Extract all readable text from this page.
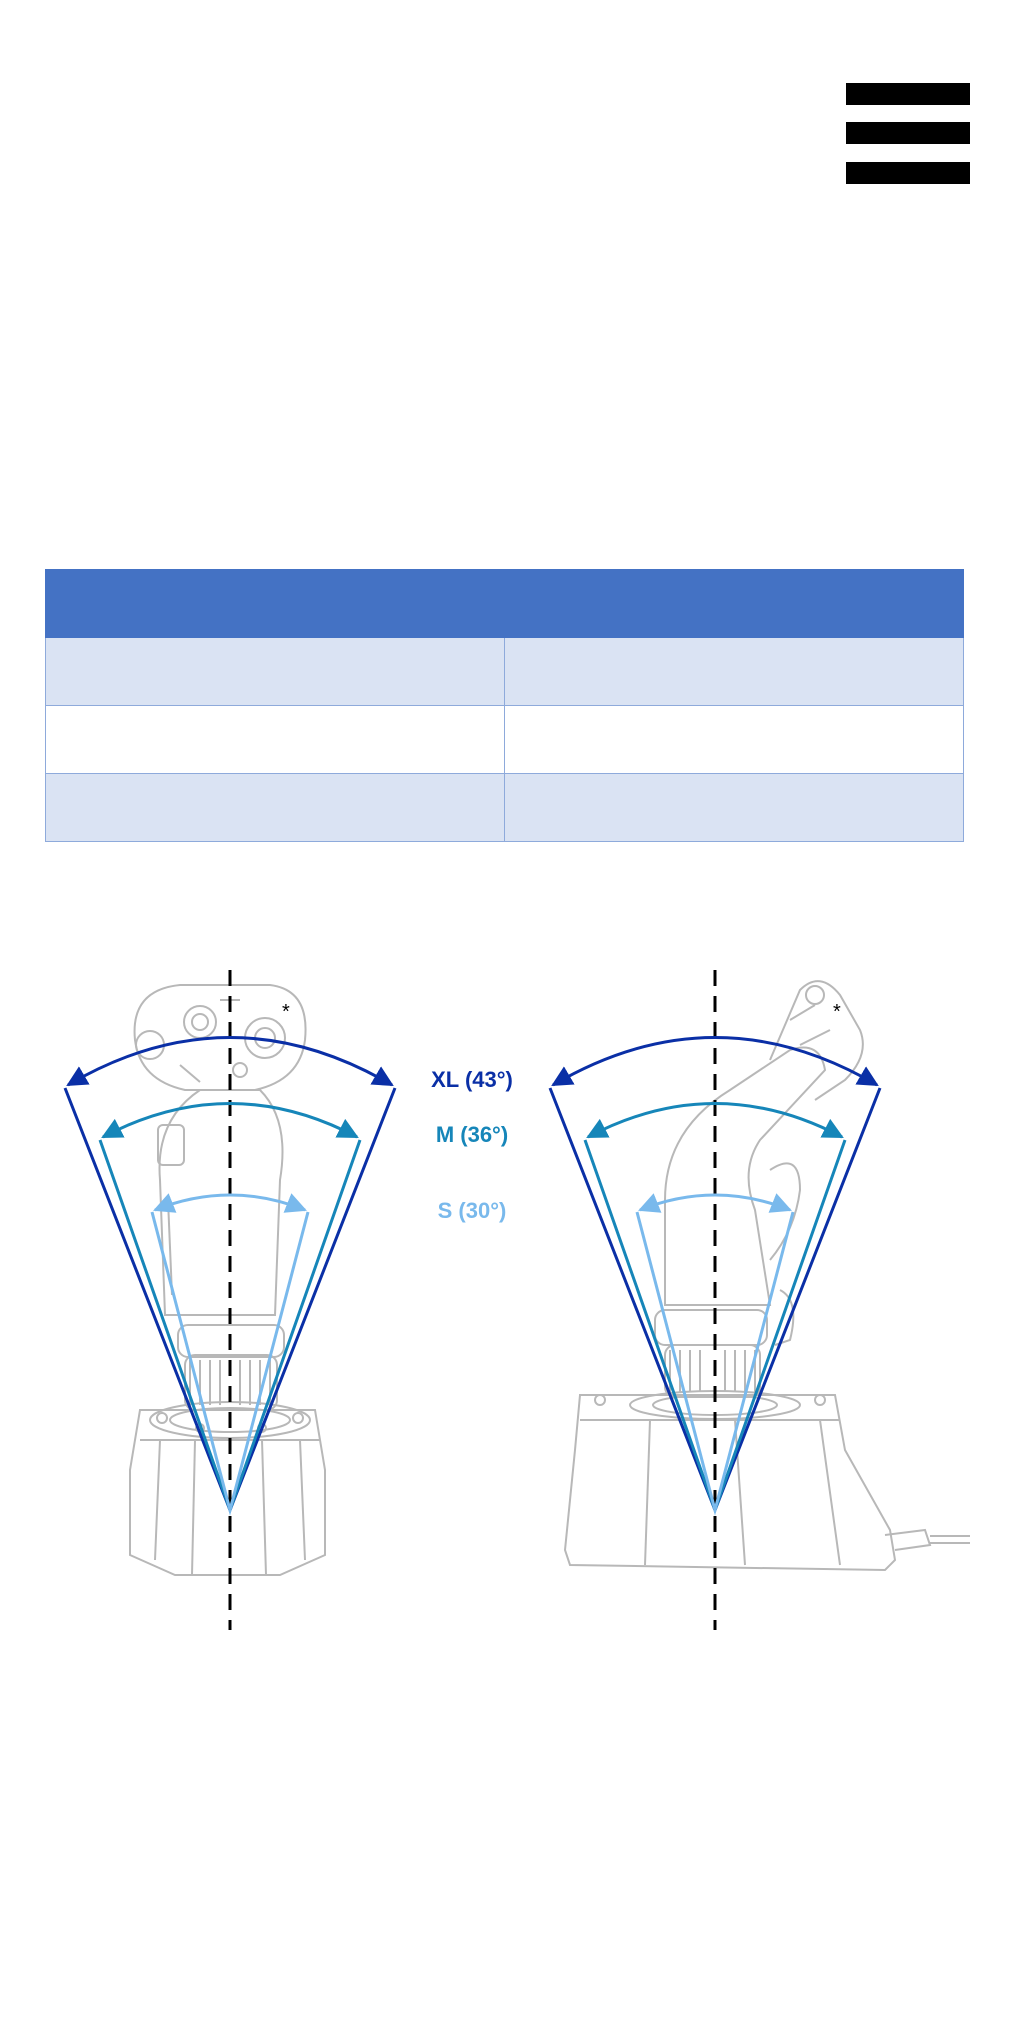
XL (43°)
M (36°)
S (30°)
*	*
